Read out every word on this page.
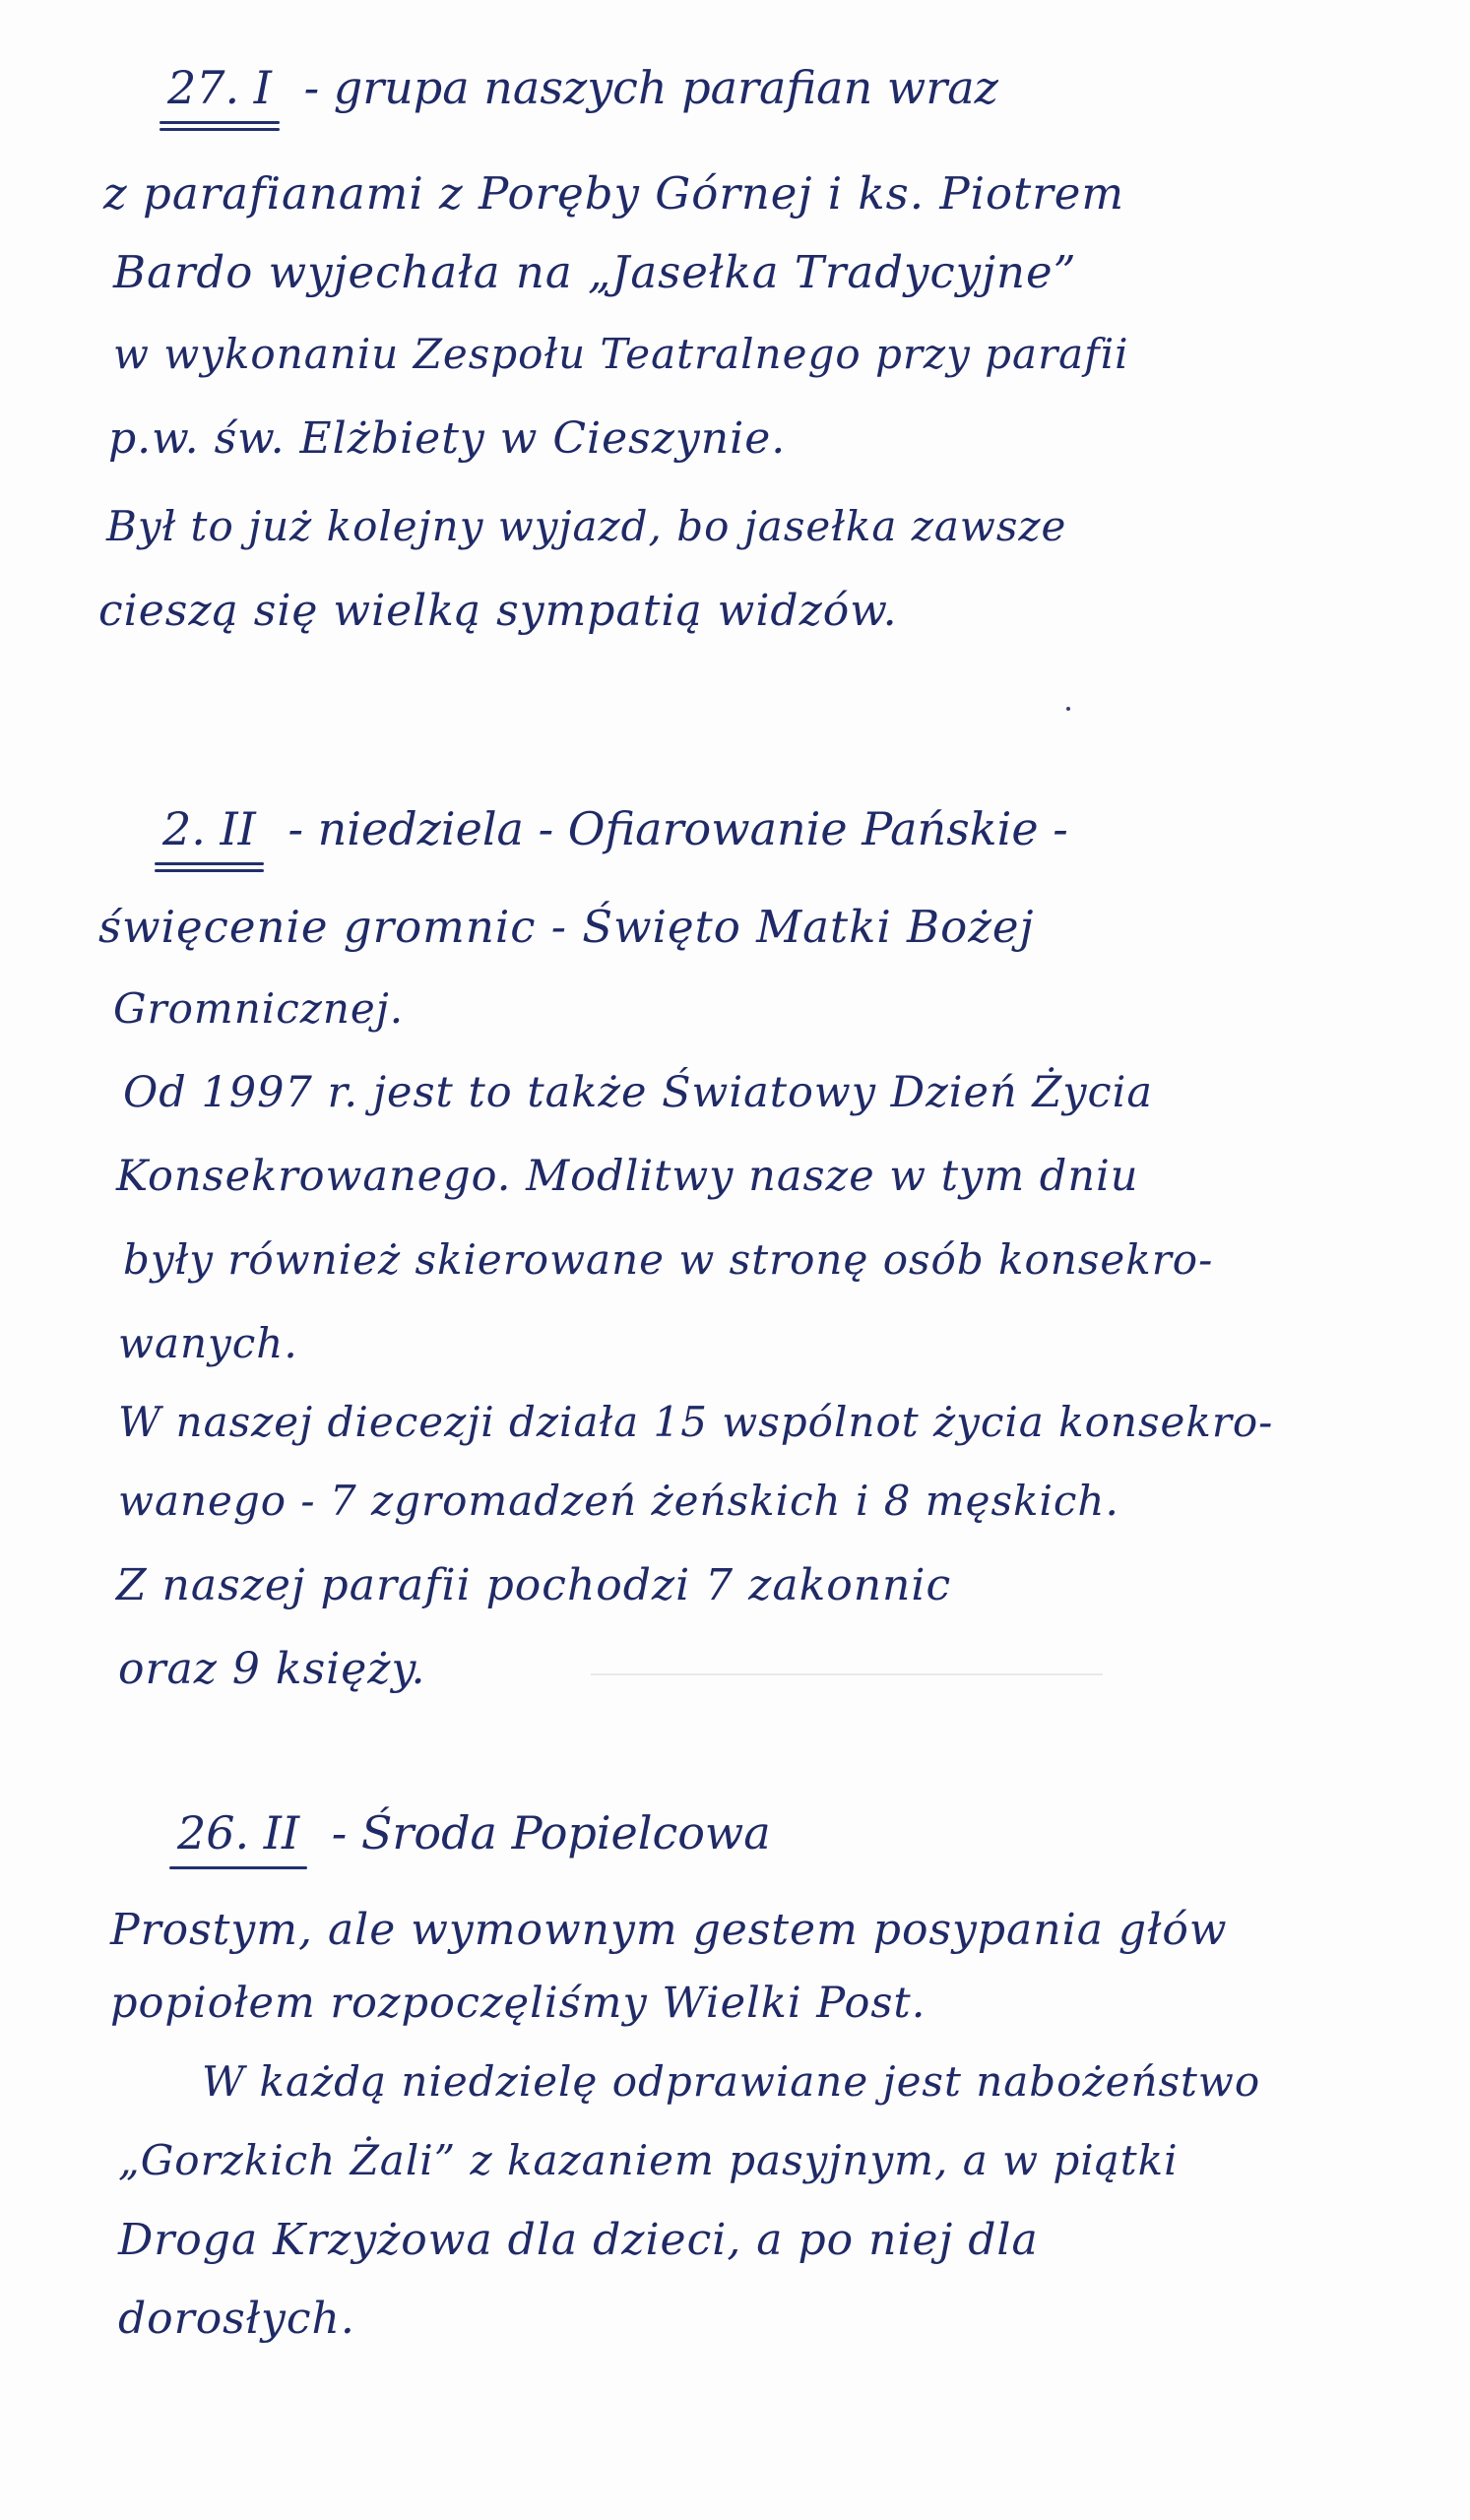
27. I - grupa naszych parafian wraz
z parafianami z Poręby Górnej i ks. Piotrem
Bardo wyjechała na „Jasełka Tradycyjne”
w wykonaniu Zespołu Teatralnego przy parafii
p.w. św. Elżbiety w Cieszynie.
Był to już kolejny wyjazd, bo jasełka zawsze
cieszą się wielką sympatią widzów.
2. II - niedziela - Ofiarowanie Pańskie -
święcenie gromnic - Święto Matki Bożej
Gromnicznej.
Od 1997 r. jest to także Światowy Dzień Życia
Konsekrowanego. Modlitwy nasze w tym dniu
były również skierowane w stronę osób konsekro-
wanych.
W naszej diecezji działa 15 wspólnot życia konsekro-
wanego - 7 zgromadzeń żeńskich i 8 męskich.
Z naszej parafii pochodzi 7 zakonnic
oraz 9 księży.
26. II - Środa Popielcowa
Prostym, ale wymownym gestem posypania głów
popiołem rozpoczęliśmy Wielki Post.
W każdą niedzielę odprawiane jest nabożeństwo
„Gorzkich Żali” z kazaniem pasyjnym, a w piątki
Droga Krzyżowa dla dzieci, a po niej dla
dorosłych.
